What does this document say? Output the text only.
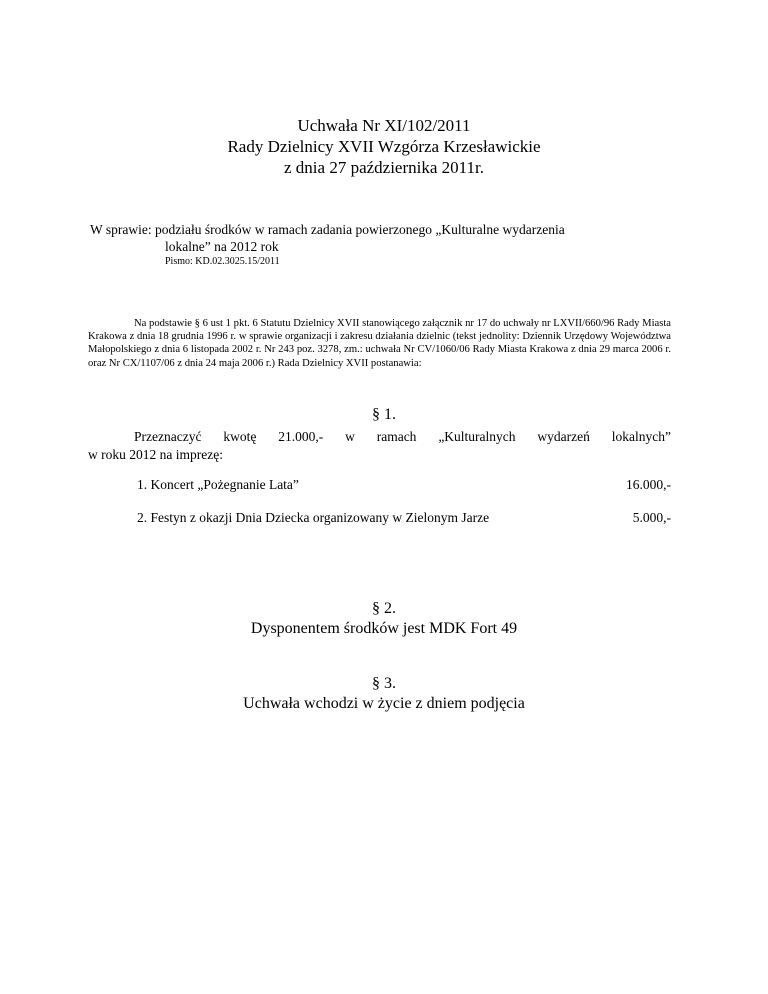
Uchwała Nr XI/102/2011
Rady Dzielnicy XVII Wzgórza Krzesławickie
z dnia 27 października 2011r.
W sprawie: podziału środków w ramach zadania powierzonego „Kulturalne wydarzenia
lokalne” na 2012 rok
Pismo: KD.02.3025.15/2011
Na podstawie § 6 ust 1 pkt. 6 Statutu Dzielnicy XVII stanowiącego załącznik nr 17 do uchwały nr LXVII/660/96 Rady Miasta Krakowa z dnia 18 grudnia 1996 r. w sprawie organizacji i zakresu działania dzielnic (tekst jednolity: Dziennik Urzędowy Województwa Małopolskiego z dnia 6 listopada 2002 r. Nr 243 poz. 3278, zm.: uchwała Nr CV/1060/06 Rady Miasta Krakowa z dnia 29 marca 2006 r. oraz Nr CX/1107/06 z dnia 24 maja 2006 r.) Rada Dzielnicy XVII postanawia:
§ 1.
Przeznaczyć kwotę 21.000,- w ramach „Kulturalnych wydarzeń lokalnych”
w roku 2012 na imprezę:
1. Koncert „Pożegnanie Lata”	16.000,-
2. Festyn z okazji Dnia Dziecka organizowany w Zielonym Jarze	5.000,-
§ 2.
Dysponentem środków jest MDK Fort 49
§ 3.
Uchwała wchodzi w życie z dniem podjęcia
